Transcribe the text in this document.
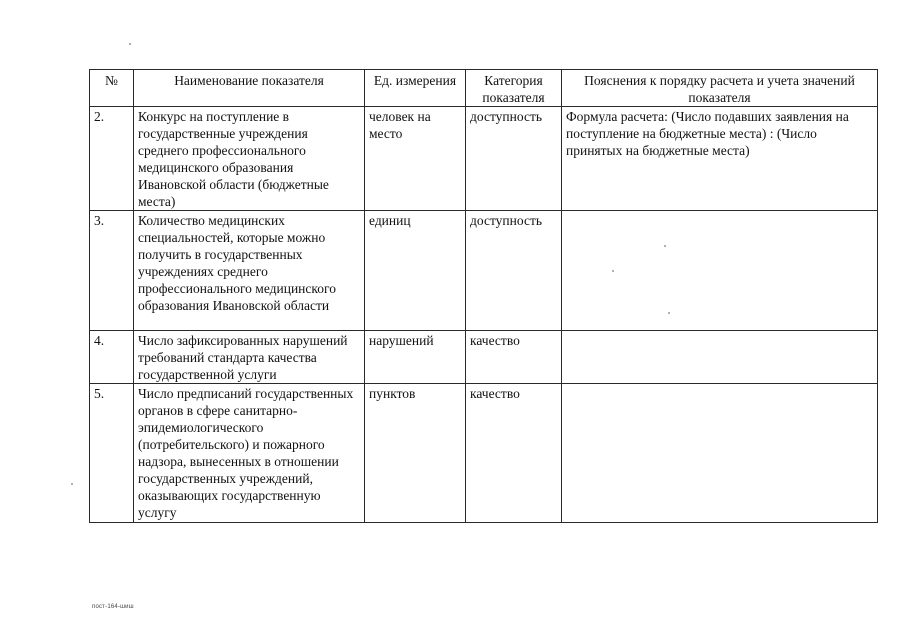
№	Наименование показателя	Ед. измерения	Категория показателя	Пояснения к порядку расчета и учета значений показателя
2.	Конкурс на поступление в государственные учреждения среднего профессионального медицинского образования Ивановской области (бюджетные места)	человек на место	доступность	Формула расчета: (Число подавших заявления на поступление на бюджетные места) : (Число принятых на бюджетные места)
3.	Количество медицинских специальностей, которые можно получить в государственных учреждениях среднего профессионального медицинского образования Ивановской области	единиц	доступность	
4.	Число зафиксированных нарушений требований стандарта качества государственной услуги	нарушений	качество	
5.	Число предписаний государственных органов в сфере санитарно-эпидемиологического (потребительского) и пожарного надзора, вынесенных в отношении государственных учреждений, оказывающих государственную услугу	пунктов	качество	
пост-164-шиш
